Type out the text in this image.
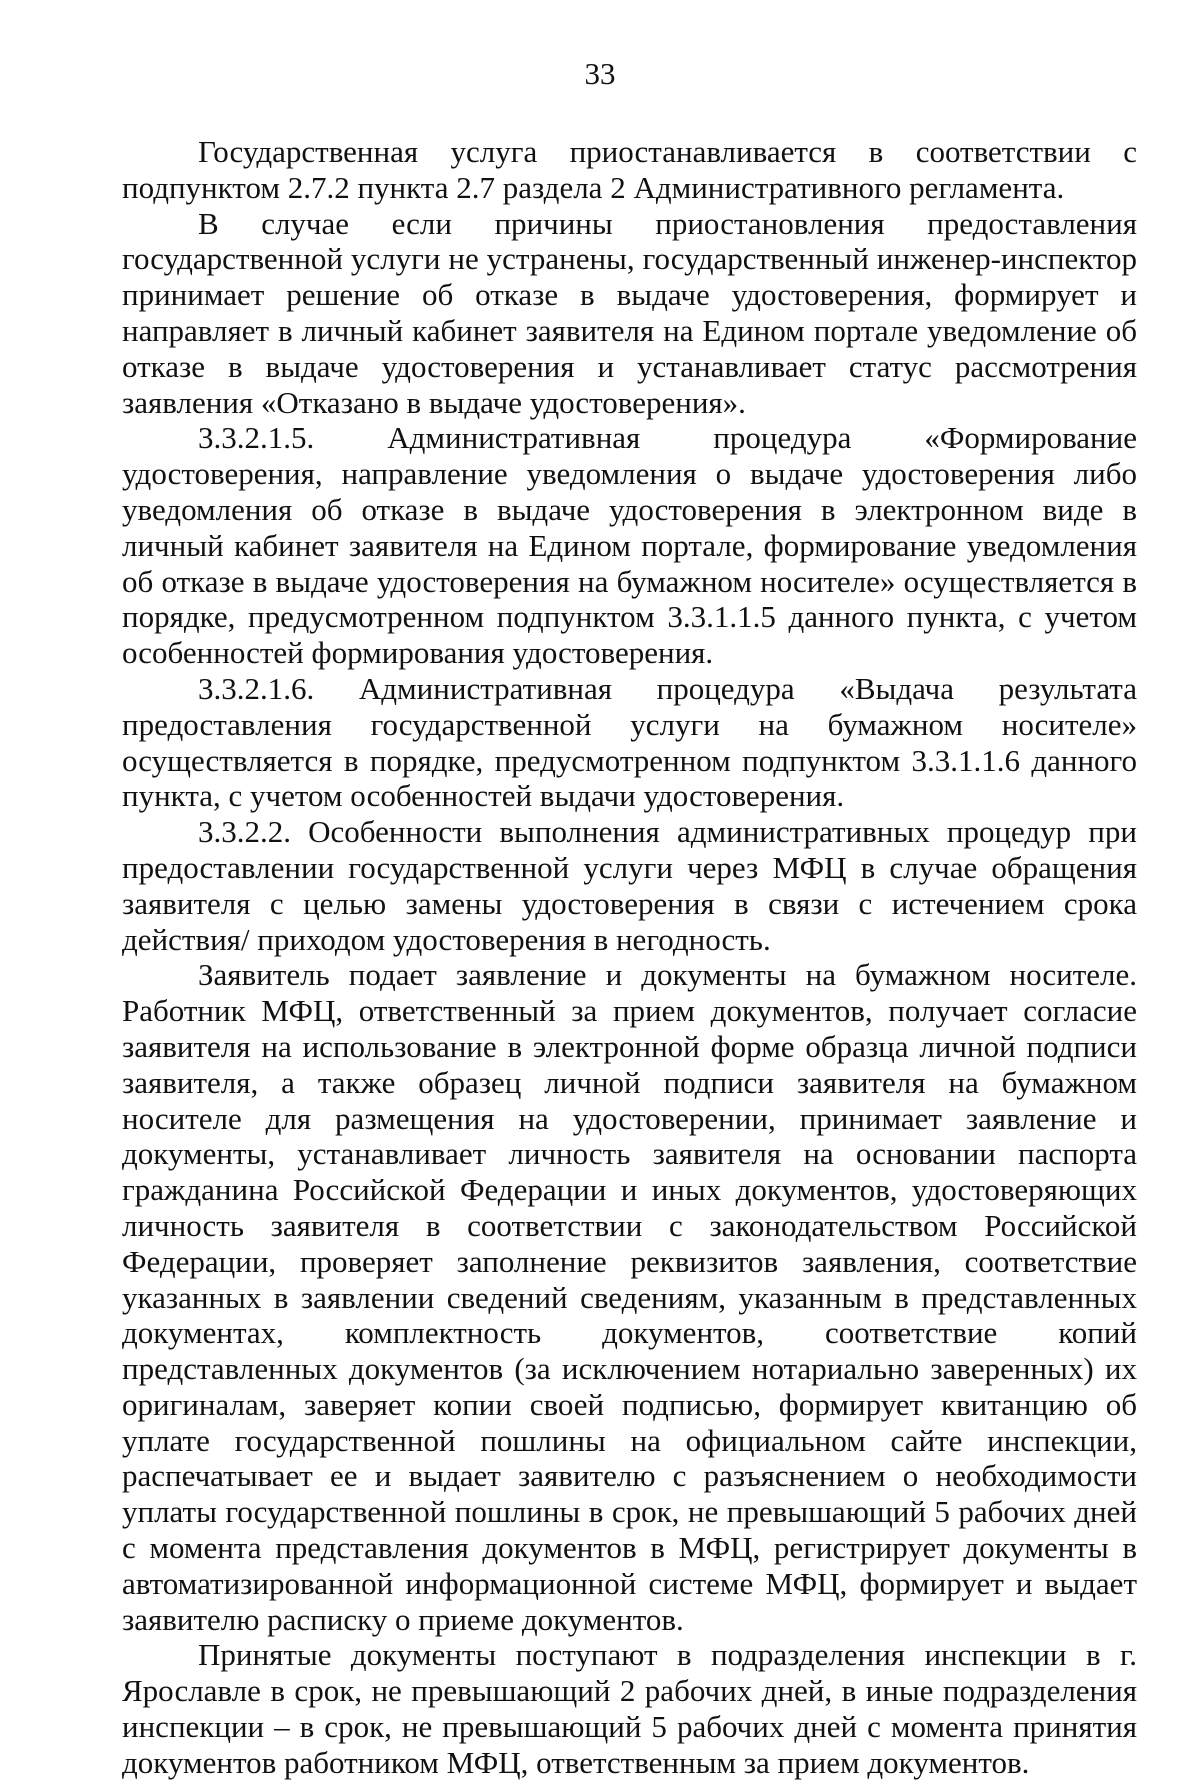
33

Государственная услуга приостанавливается в соответствии с подпунктом 2.7.2 пункта 2.7 раздела 2 Административного регламента.

В случае если причины приостановления предоставления государственной услуги не устранены, государственный инженер-инспектор принимает решение об отказе в выдаче удостоверения, формирует и направляет в личный кабинет заявителя на Едином портале уведомление об отказе в выдаче удостоверения и устанавливает статус рассмотрения заявления «Отказано в выдаче удостоверения».

3.3.2.1.5. Административная процедура «Формирование удостоверения, направление уведомления о выдаче удостоверения либо уведомления об отказе в выдаче удостоверения в электронном виде в личный кабинет заявителя на Едином портале, формирование уведомления об отказе в выдаче удостоверения на бумажном носителе» осуществляется в порядке, предусмотренном подпунктом 3.3.1.1.5 данного пункта, с учетом особенностей формирования удостоверения.

3.3.2.1.6. Административная процедура «Выдача результата предоставления государственной услуги на бумажном носителе» осуществляется в порядке, предусмотренном подпунктом 3.3.1.1.6 данного пункта, с учетом особенностей выдачи удостоверения.

3.3.2.2. Особенности выполнения административных процедур при предоставлении государственной услуги через МФЦ в случае обращения заявителя с целью замены удостоверения в связи с истечением срока действия/ приходом удостоверения в негодность.

Заявитель подает заявление и документы на бумажном носителе. Работник МФЦ, ответственный за прием документов, получает согласие заявителя на использование в электронной форме образца личной подписи заявителя, а также образец личной подписи заявителя на бумажном носителе для размещения на удостоверении, принимает заявление и документы, устанавливает личность заявителя на основании паспорта гражданина Российской Федерации и иных документов, удостоверяющих личность заявителя в соответствии с законодательством Российской Федерации, проверяет заполнение реквизитов заявления, соответствие указанных в заявлении сведений сведениям, указанным в представленных документах, комплектность документов, соответствие копий представленных документов (за исключением нотариально заверенных) их оригиналам, заверяет копии своей подписью, формирует квитанцию об уплате государственной пошлины на официальном сайте инспекции, распечатывает ее и выдает заявителю с разъяснением о необходимости уплаты государственной пошлины в срок, не превышающий 5 рабочих дней с момента представления документов в МФЦ, регистрирует документы в автоматизированной информационной системе МФЦ, формирует и выдает заявителю расписку о приеме документов.

Принятые документы поступают в подразделения инспекции в г. Ярославле в срок, не превышающий 2 рабочих дней, в иные подразделения инспекции – в срок, не превышающий 5 рабочих дней с момента принятия документов работником МФЦ, ответственным за прием документов.
